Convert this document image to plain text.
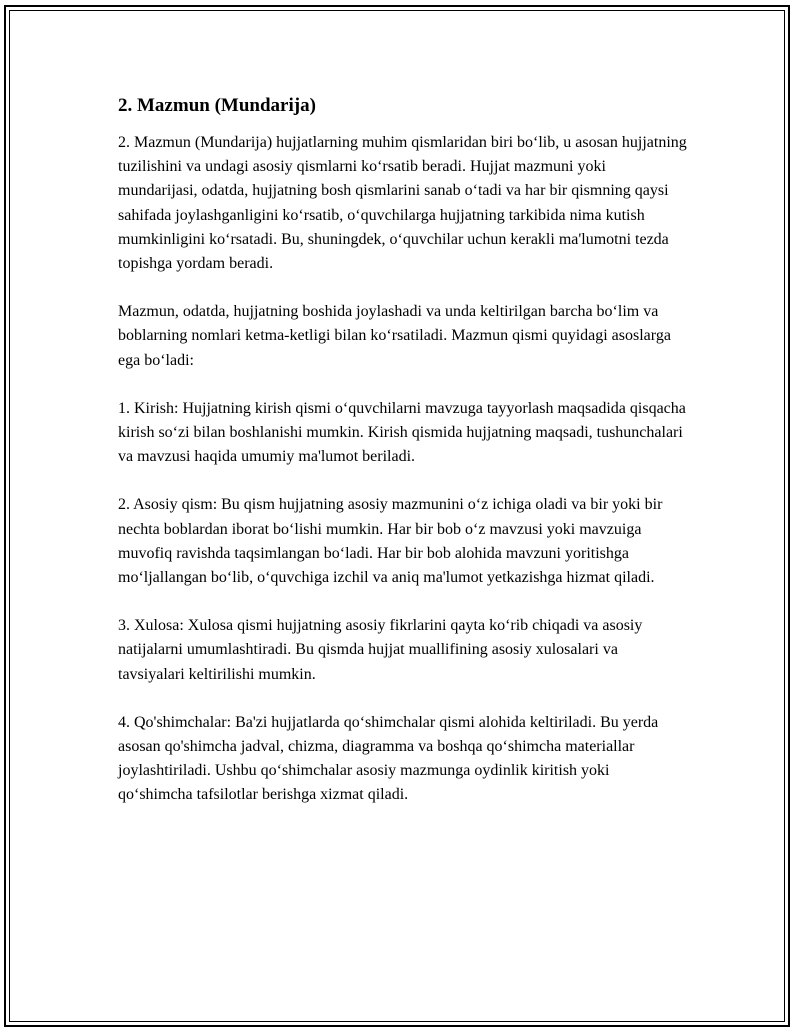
2. Mazmun (Mundarija)

2. Mazmun (Mundarija) hujjatlarning muhim qismlaridan biri bo‘lib, u asosan hujjatning tuzilishini va undagi asosiy qismlarni ko‘rsatib beradi. Hujjat mazmuni yoki mundarijasi, odatda, hujjatning bosh qismlarini sanab o‘tadi va har bir qismning qaysi sahifada joylashganligini ko‘rsatib, o‘quvchilarga hujjatning tarkibida nima kutish mumkinligini ko‘rsatadi. Bu, shuningdek, o‘quvchilar uchun kerakli ma'lumotni tezda topishga yordam beradi.

Mazmun, odatda, hujjatning boshida joylashadi va unda keltirilgan barcha bo‘lim va boblarning nomlari ketma-ketligi bilan ko‘rsatiladi. Mazmun qismi quyidagi asoslarga ega bo‘ladi:

1. Kirish: Hujjatning kirish qismi o‘quvchilarni mavzuga tayyorlash maqsadida qisqacha kirish so‘zi bilan boshlanishi mumkin. Kirish qismida hujjatning maqsadi, tushunchalari va mavzusi haqida umumiy ma'lumot beriladi.

2. Asosiy qism: Bu qism hujjatning asosiy mazmunini o‘z ichiga oladi va bir yoki bir nechta boblardan iborat bo‘lishi mumkin. Har bir bob o‘z mavzusi yoki mavzuiga muvofiq ravishda taqsimlangan bo‘ladi. Har bir bob alohida mavzuni yoritishga mo‘ljallangan bo‘lib, o‘quvchiga izchil va aniq ma'lumot yetkazishga hizmat qiladi.

3. Xulosa: Xulosa qismi hujjatning asosiy fikrlarini qayta ko‘rib chiqadi va asosiy natijalarni umumlashtiradi. Bu qismda hujjat muallifining asosiy xulosalari va tavsiyalari keltirilishi mumkin.

4. Qo'shimchalar: Ba'zi hujjatlarda qo‘shimchalar qismi alohida keltiriladi. Bu yerda asosan qo'shimcha jadval, chizma, diagramma va boshqa qo‘shimcha materiallar joylashtiriladi. Ushbu qo‘shimchalar asosiy mazmunga oydinlik kiritish yoki qo‘shimcha tafsilotlar berishga xizmat qiladi.
